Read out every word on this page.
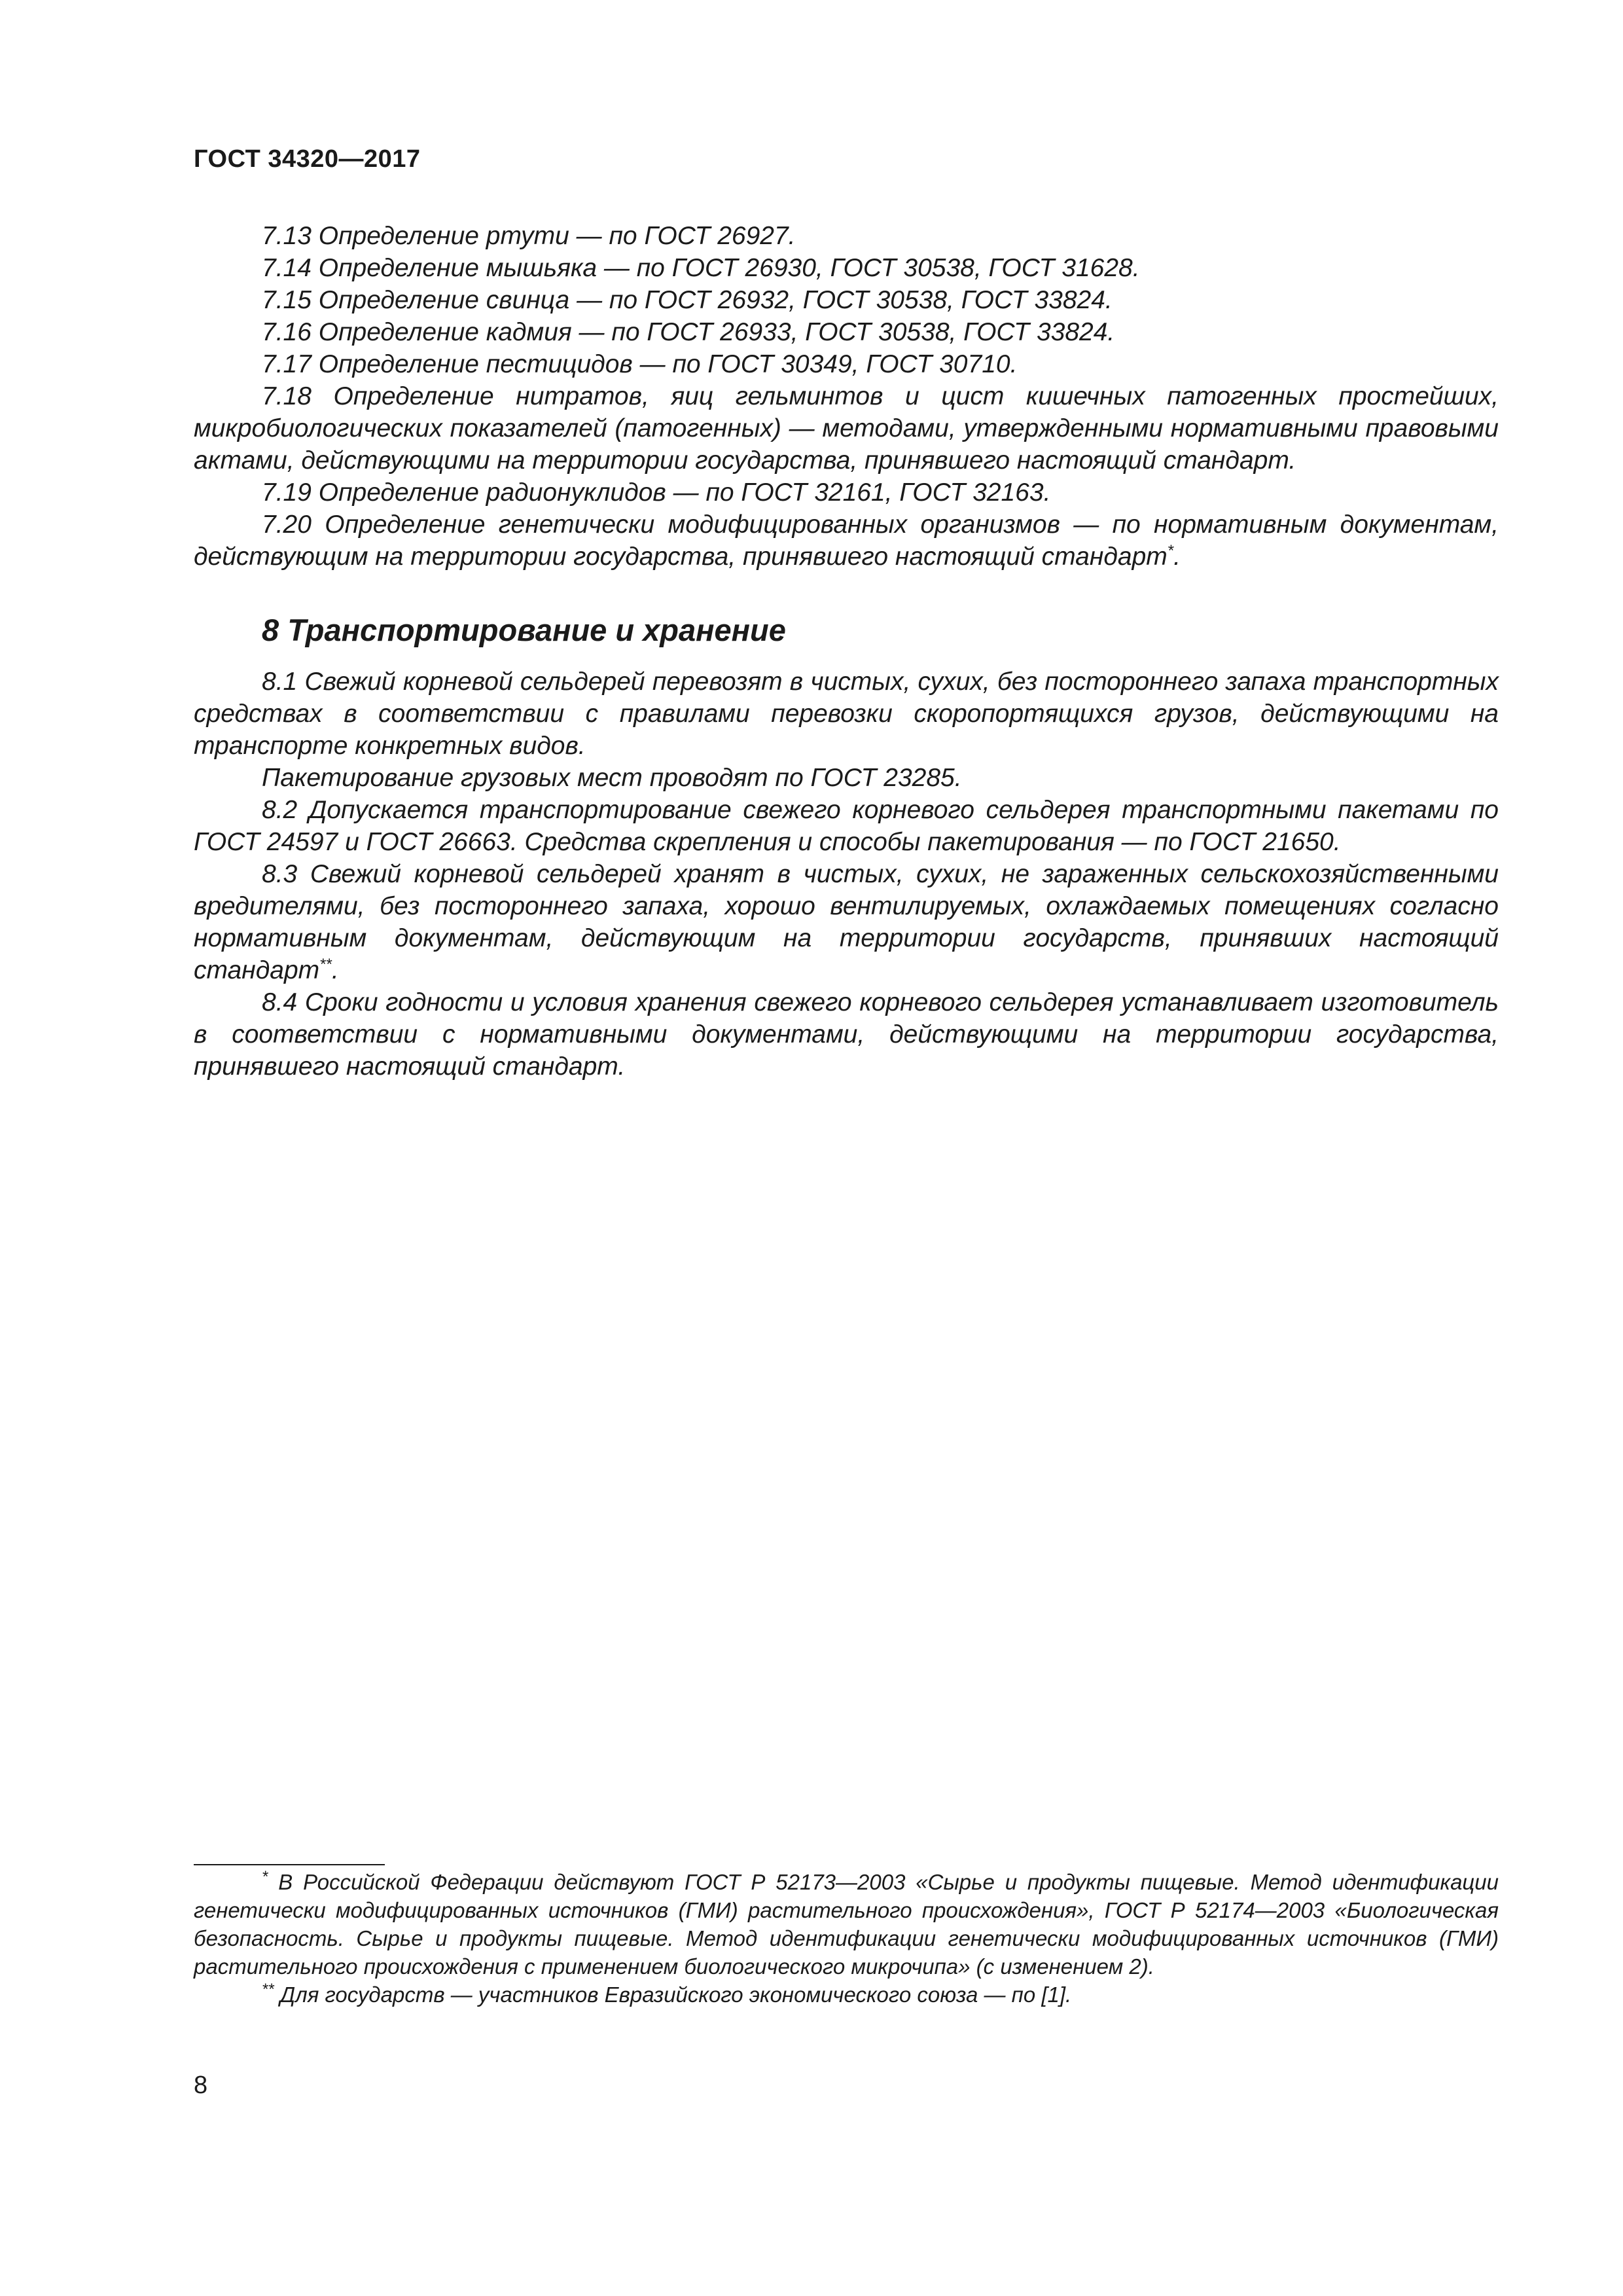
ГОСТ 34320—2017

7.13 Определение ртути — по ГОСТ 26927.

7.14 Определение мышьяка — по ГОСТ 26930, ГОСТ 30538, ГОСТ 31628.

7.15 Определение свинца — по ГОСТ 26932, ГОСТ 30538, ГОСТ 33824.

7.16 Определение кадмия — по ГОСТ 26933, ГОСТ 30538, ГОСТ 33824.

7.17 Определение пестицидов — по ГОСТ 30349, ГОСТ 30710.

7.18 Определение нитратов, яиц гельминтов и цист кишечных патогенных простейших, микробиологических показателей (патогенных) — методами, утвержденными нормативными правовыми актами, действующими на территории государства, принявшего настоящий стандарт.

7.19 Определение радионуклидов — по ГОСТ 32161, ГОСТ 32163.

7.20 Определение генетически модифицированных организмов — по нормативным документам, действующим на территории государства, принявшего настоящий стандарт*.

8 Транспортирование и хранение

8.1 Свежий корневой сельдерей перевозят в чистых, сухих, без постороннего запаха транспортных средствах в соответствии с правилами перевозки скоропортящихся грузов, действующими на транспорте конкретных видов.

Пакетирование грузовых мест проводят по ГОСТ 23285.

8.2 Допускается транспортирование свежего корневого сельдерея транспортными пакетами по ГОСТ 24597 и ГОСТ 26663. Средства скрепления и способы пакетирования — по ГОСТ 21650.

8.3 Свежий корневой сельдерей хранят в чистых, сухих, не зараженных сельскохозяйственными вредителями, без постороннего запаха, хорошо вентилируемых, охлаждаемых помещениях согласно нормативным документам, действующим на территории государств, принявших настоящий стандарт**.

8.4 Сроки годности и условия хранения свежего корневого сельдерея устанавливает изготовитель в соответствии с нормативными документами, действующими на территории государства, принявшего настоящий стандарт.

* В Российской Федерации действуют ГОСТ Р 52173—2003 «Сырье и продукты пищевые. Метод идентификации генетически модифицированных источников (ГМИ) растительного происхождения», ГОСТ Р 52174—2003 «Биологическая безопасность. Сырье и продукты пищевые. Метод идентификации генетически модифицированных источников (ГМИ) растительного происхождения с применением биологического микрочипа» (с изменением 2).

** Для государств — участников Евразийского экономического союза — по [1].

8
